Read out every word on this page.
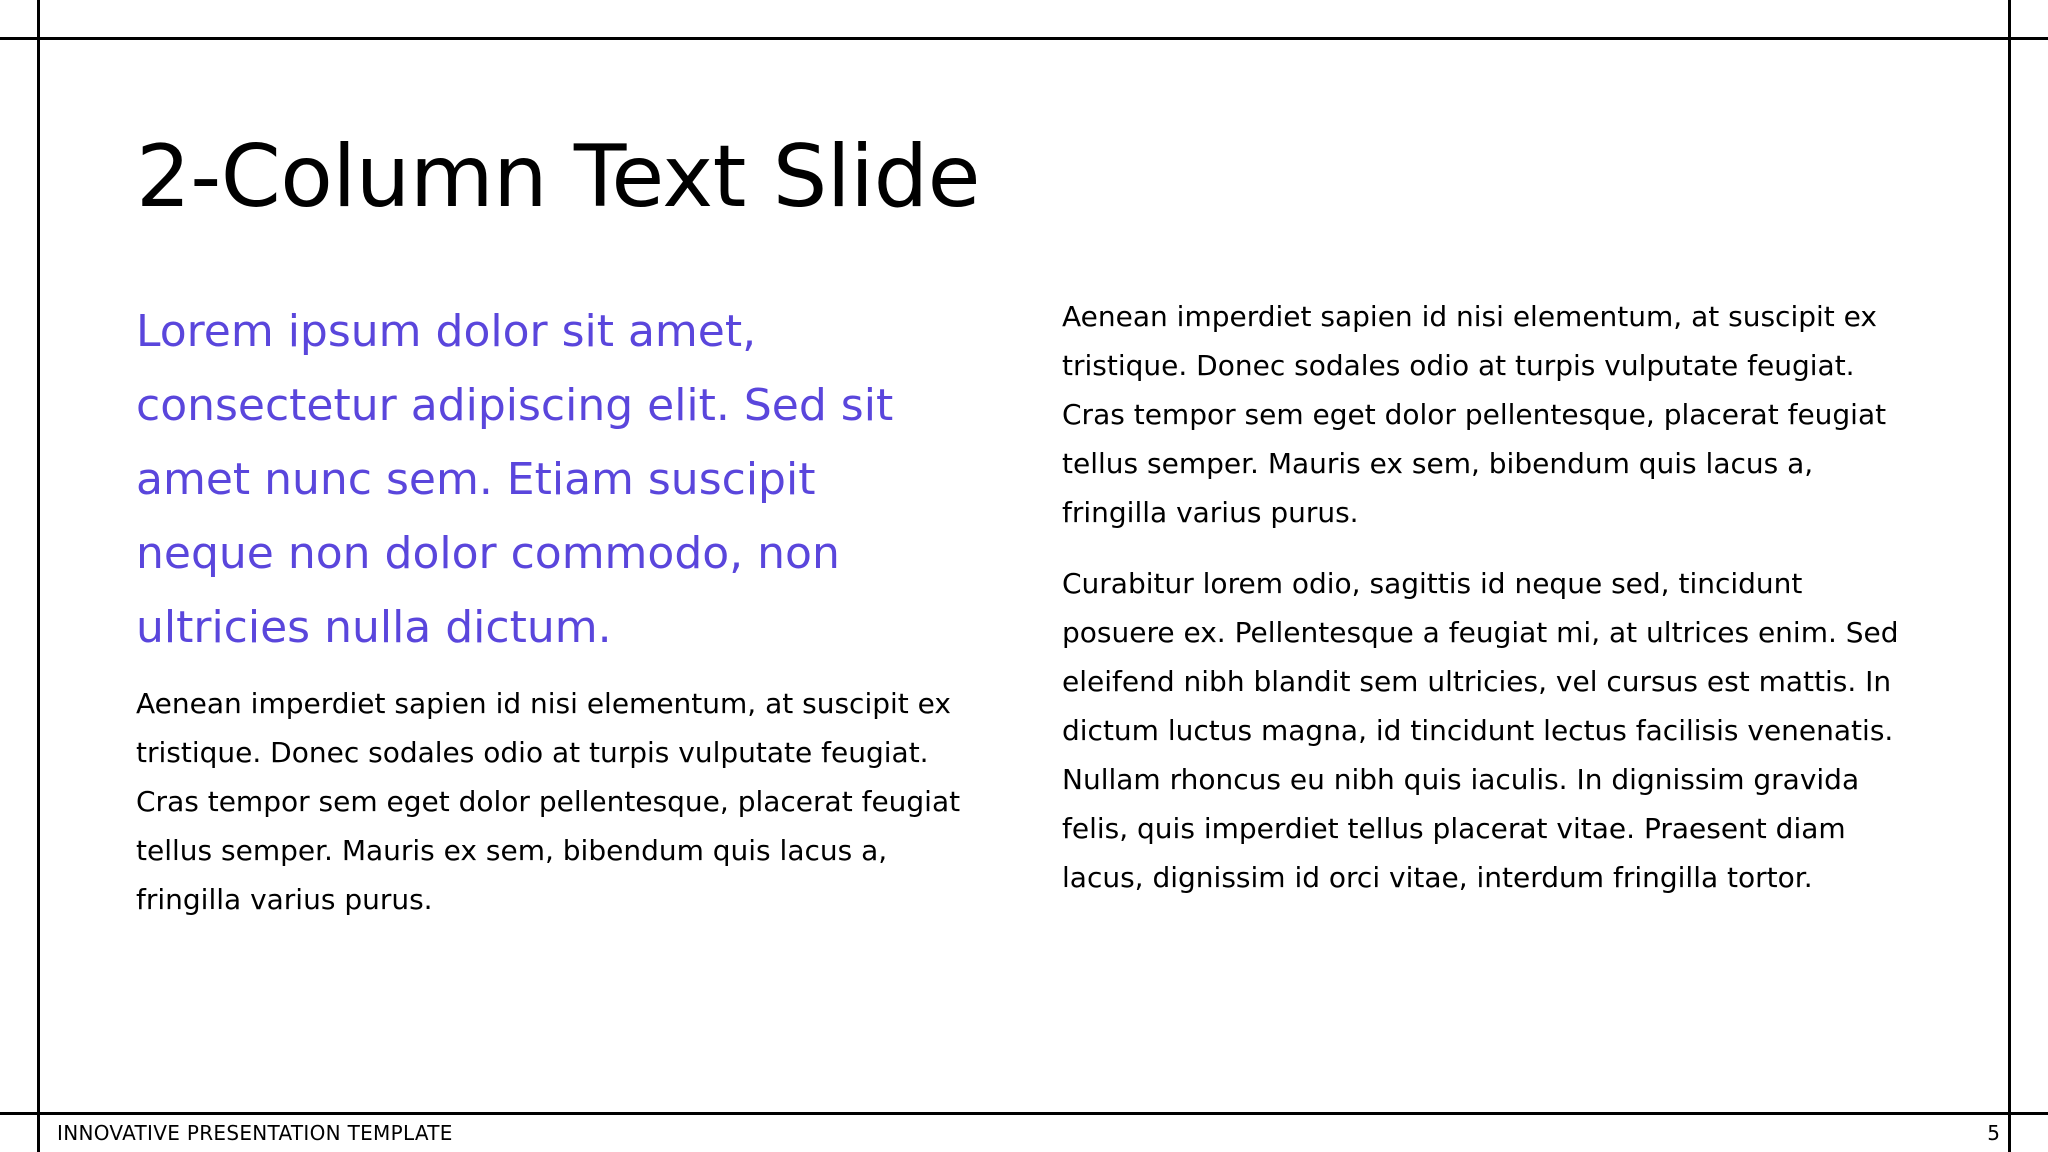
2-Column Text Slide

Lorem ipsum dolor sit amet, consectetur adipiscing elit. Sed sit amet nunc sem. Etiam suscipit neque non dolor commodo, non ultricies nulla dictum.

Aenean imperdiet sapien id nisi elementum, at suscipit ex tristique. Donec sodales odio at turpis vulputate feugiat. Cras tempor sem eget dolor pellentesque, placerat feugiat tellus semper. Mauris ex sem, bibendum quis lacus a, fringilla varius purus.

Aenean imperdiet sapien id nisi elementum, at suscipit ex tristique. Donec sodales odio at turpis vulputate feugiat. Cras tempor sem eget dolor pellentesque, placerat feugiat tellus semper. Mauris ex sem, bibendum quis lacus a, fringilla varius purus.

Curabitur lorem odio, sagittis id neque sed, tincidunt posuere ex. Pellentesque a feugiat mi, at ultrices enim. Sed eleifend nibh blandit sem ultricies, vel cursus est mattis. In dictum luctus magna, id tincidunt lectus facilisis venenatis. Nullam rhoncus eu nibh quis iaculis. In dignissim gravida felis, quis imperdiet tellus placerat vitae. Praesent diam lacus, dignissim id orci vitae, interdum fringilla tortor.

INNOVATIVE PRESENTATION TEMPLATE	5
